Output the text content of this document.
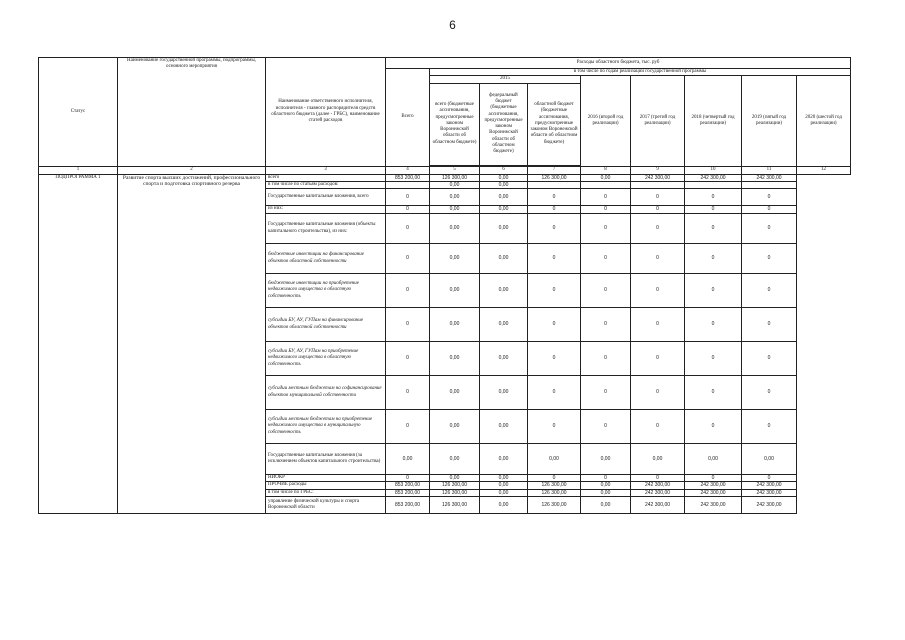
6
Статус	Наименование государственной программы, подпрограммы, основного мероприятия	Наименование ответственного исполнителя, исполнителя - главного распорядителя средств областного бюджета (далее - ГРБС), наименование статей расходов	Расходы областного бюджета, тыс. руб								
			Всего	в том числе по годам реализации государственной программы							
				2015			2016 (второй год реализации)	2017 (третий год реализации)	2018 (четвертый год реализации)	2019 (пятый год реализации)	2020 (шестой год реализации)
				всего (бюджетные ассигнования, предусмотренные законом Воронежской области об областном бюджете)	федеральный бюджет (бюджетные ассигнования, предусмотренные законом Воронежской области об областном бюджете)	областной бюджет (бюджетные ассигнования, предусмотренные законом Воронежской области об областном бюджете)					

1	2	3	4	5	6	7	8	9	10	11	12
ПОДПРОГРАММА 1	Развитие спорта высших достижений, профессионального спорта и подготовка спортивного резерва	всего	853 200,00	126 300,00	0,00	126 300,00	0,00	242 300,00	242 300,00	242 300,00	
		в том числе по статьям расходов:		0,00	0,00						
		Государственные капитальные вложения, всего	0	0,00	0,00	0	0	0	0	0	
		из них:	0	0,00	0,00	0	0	0	0	0	
		Государственные капитальные вложения (объекты капитального строительства), из них:	0	0,00	0,00	0	0	0	0	0	
		бюджетные инвестиции на финансирование объектов областной собственности	0	0,00	0,00	0	0	0	0	0	
		бюджетные инвестиции на приобретение недвижимого имущества в областную собственность	0	0,00	0,00	0	0	0	0	0	
		субсидии БУ, АУ, ГУПам на финансирование объектов областной собственности	0	0,00	0,00	0	0	0	0	0	
		субсидии БУ, АУ, ГУПам на приобретение недвижимого имущества в областную собственность	0	0,00	0,00	0	0	0	0	0	
		субсидии местным бюджетам на софинансирование объектов муниципальной собственности	0	0,00	0,00	0	0	0	0	0	
		субсидии местным бюджетам на приобретение недвижимого имущества в муниципальную собственность	0	0,00	0,00	0	0	0	0	0	
		Государственные капитальные вложения (за исключением объектов капитального строительства)	0,00	0,00	0,00	0,00	0,00	0,00	0,00	0,00	
		НИОКР	0	0,00	0,00	0	0	0	0	0	
		ПРОЧИЕ расходы	853 200,00	126 300,00	0,00	126 300,00	0,00	242 300,00	242 300,00	242 300,00	
		в том числе по ГРБС:	853 200,00	126 300,00	0,00	126 300,00	0,00	242 300,00	242 300,00	242 300,00	
		управление физической культуры и спорта Воронежской области	853 200,00	126 300,00	0,00	126 300,00	0,00	242 300,00	242 300,00	242 300,00	
